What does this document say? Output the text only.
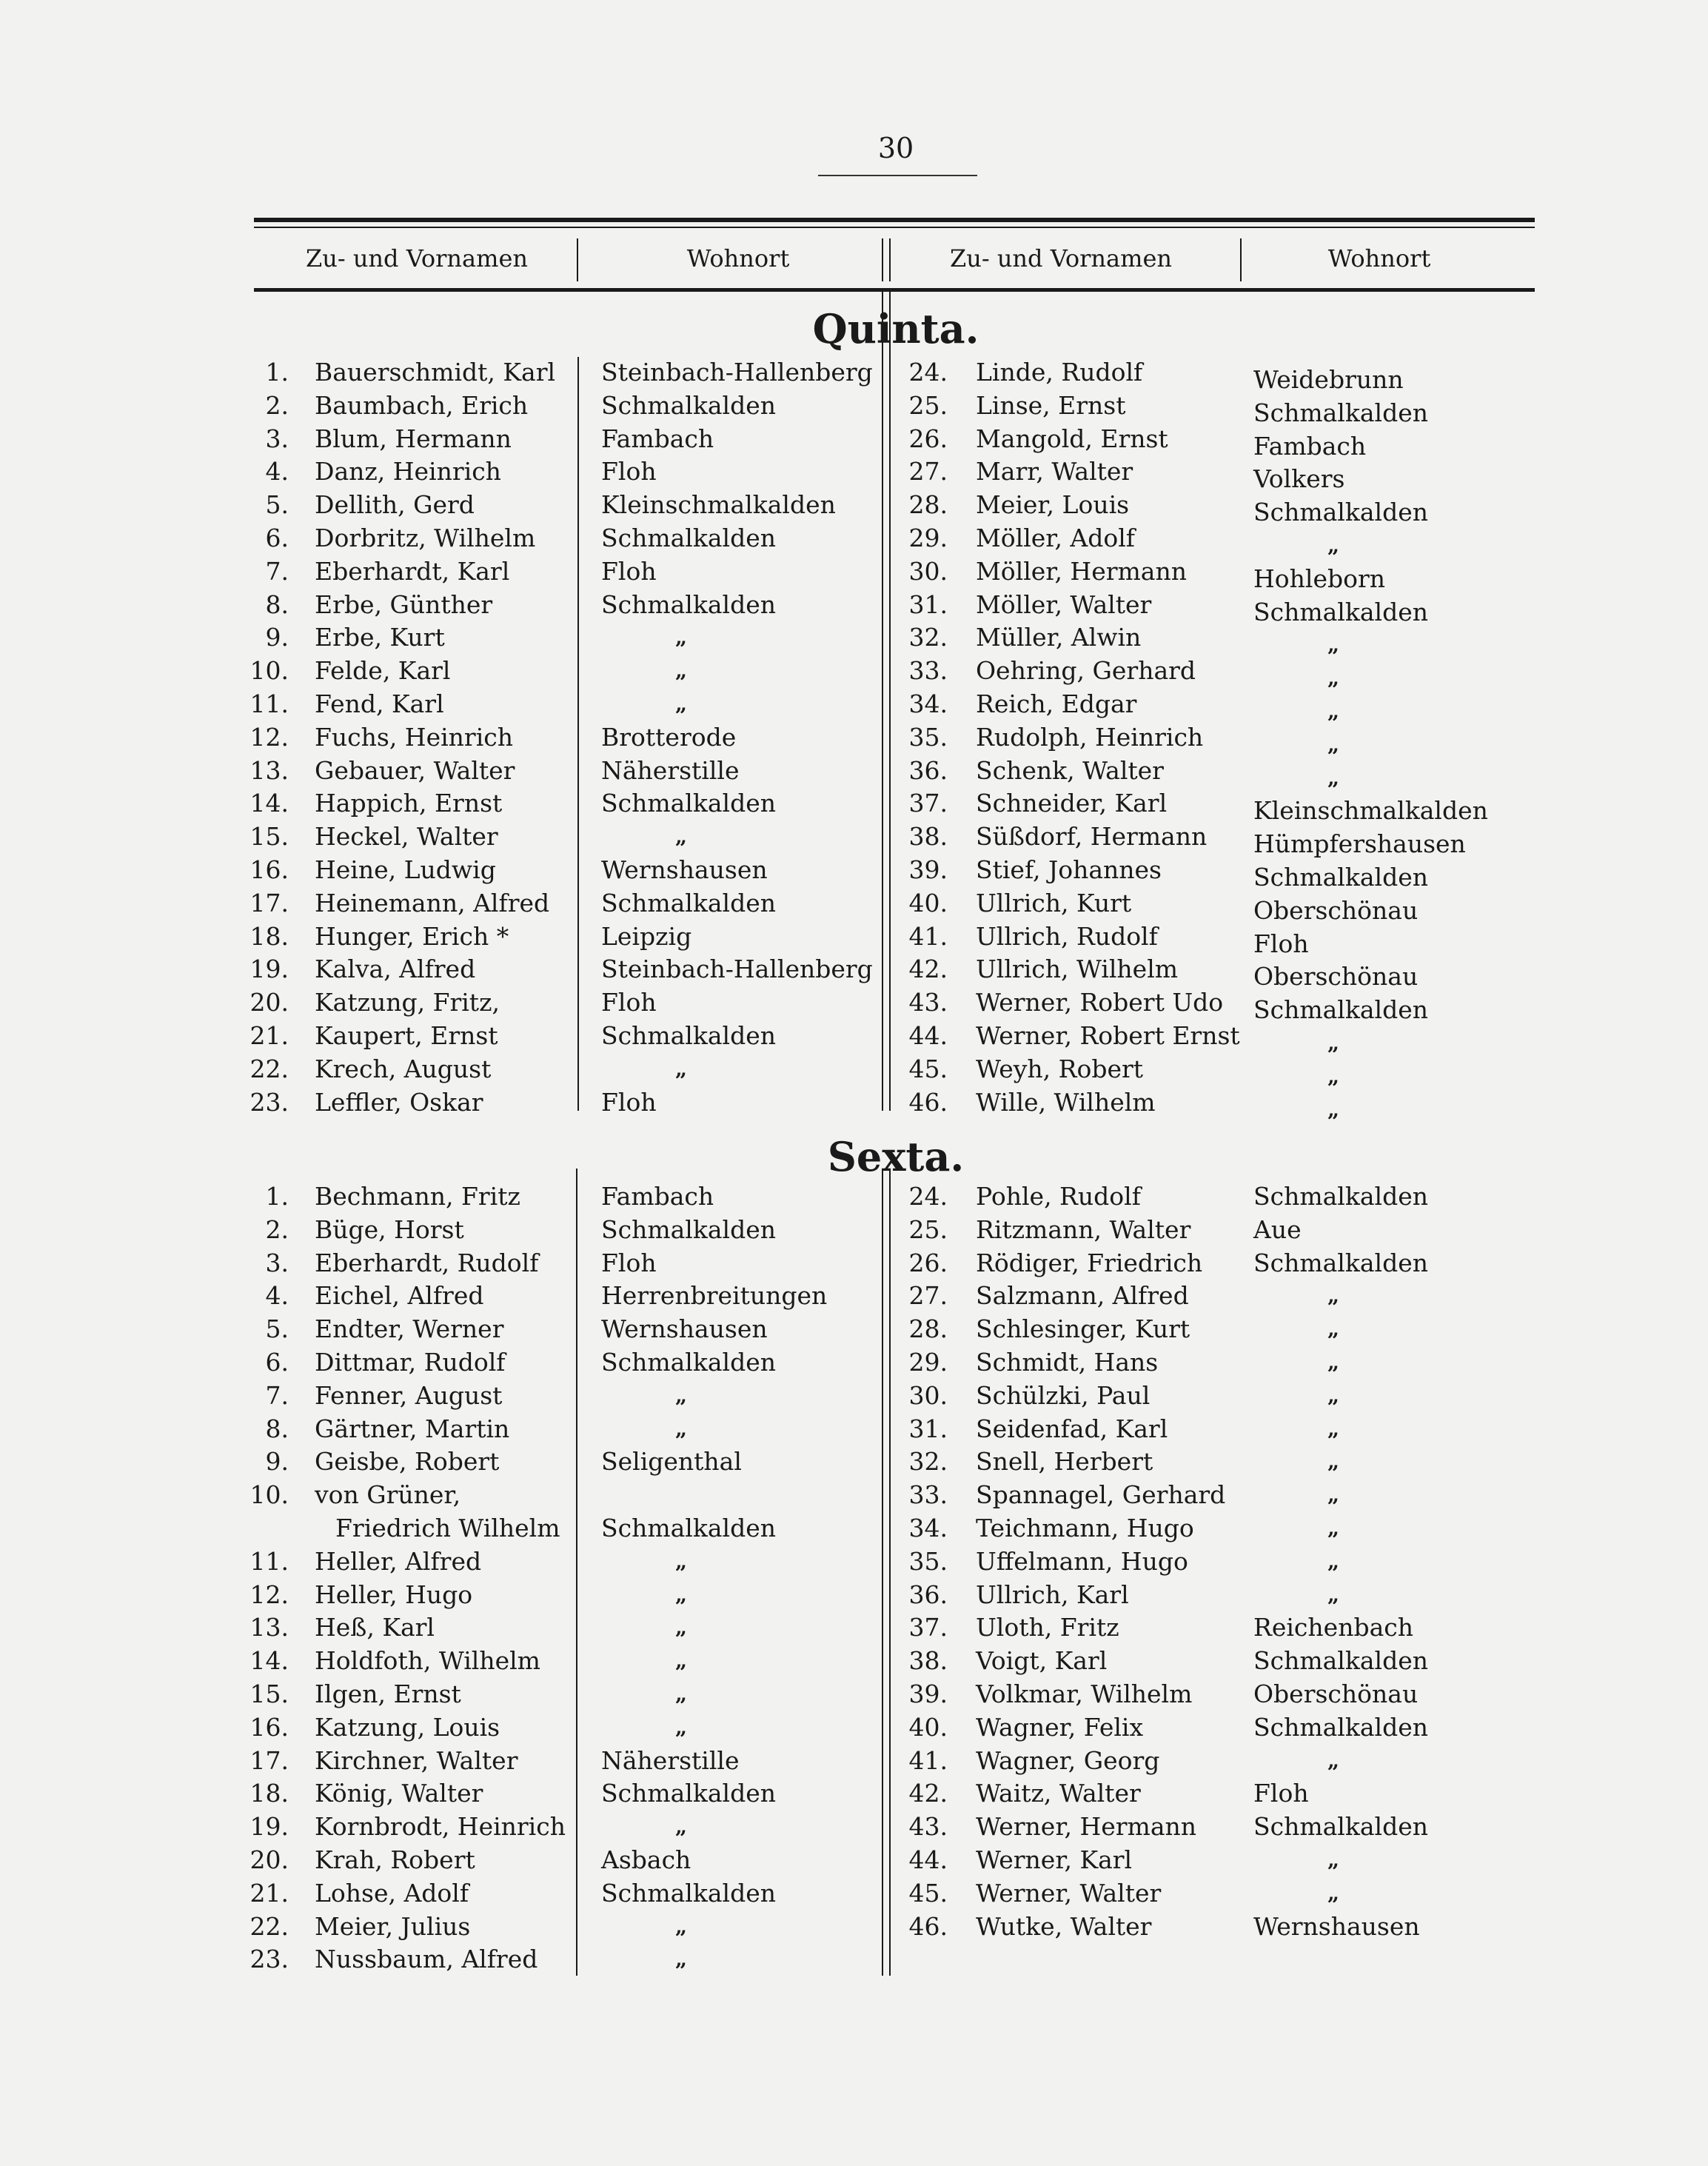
30
Zu- und Vornamen	Wohnort	Zu- und Vornamen	Wohnort
Quinta.
Sexta.
1. Bauerschmidt, Karl Steinbach-Hallenberg
2. Baumbach, Erich	Schmalkalden
3. Blum, Hermann	Fambach
4. Danz, Heinrich	Floh
5. Dellith, Gerd	Kleinschmalkalden
6. Dorbritz, Wilhelm	Schmalkalden
7. Eberhardt, Karl	Floh
8. Erbe, Günther	Schmalkalden
9. Erbe, Kurt	„
10. Felde, Karl	„
11. Fend, Karl	„
12. Fuchs, Heinrich	Brotterode
13. Gebauer, Walter	Näherstille
14. Happich, Ernst	Schmalkalden
15. Heckel, Walter	„
16. Heine, Ludwig	Wernshausen
17. Heinemann, Alfred Schmalkalden
18. Hunger, Erich *	Leipzig
19. Kalva, Alfred	Steinbach-Hallenberg
20. Katzung, Fritz,	Floh
21. Kaupert, Ernst	Schmalkalden
22. Krech, August	„
23. Leffler, Oskar	Floh
24. Linde, Rudolf	Weidebrunn
25. Linse, Ernst	Schmalkalden
26. Mangold, Ernst	Fambach
27. Marr, Walter	Volkers
28. Meier, Louis	Schmalkalden
29. Möller, Adolf	„
30. Möller, Hermann	Hohleborn
31. Möller, Walter	Schmalkalden
32. Müller, Alwin	„
33. Oehring, Gerhard	„
34. Reich, Edgar	„
35. Rudolph, Heinrich	„
36. Schenk, Walter	„
37. Schneider, Karl	Kleinschmalkalden
38. Süßdorf, Hermann Hümpfershausen
39. Stief, Johannes	Schmalkalden
40. Ullrich, Kurt	Oberschönau
41. Ullrich, Rudolf	Floh
42. Ullrich, Wilhelm	Oberschönau
43. Werner, Robert Udo Schmalkalden
44. Werner, Robert Ernst	„
45. Weyh, Robert	„
46. Wille, Wilhelm	„
1. Bechmann, Fritz	Fambach
2. Büge, Horst	Schmalkalden
3. Eberhardt, Rudolf	Floh
4. Eichel, Alfred	Herrenbreitungen
5. Endter, Werner	Wernshausen
6. Dittmar, Rudolf	Schmalkalden
7. Fenner, August	„
8. Gärtner, Martin	„
9. Geisbe, Robert	Seligenthal
10. von Grüner,
Friedrich Wilhelm Schmalkalden
11. Heller, Alfred	„
12. Heller, Hugo	„
13. Heß, Karl	„
14. Holdfoth, Wilhelm	„
15. Ilgen, Ernst	„
16. Katzung, Louis	„
17. Kirchner, Walter	Näherstille
18. König, Walter	Schmalkalden
19. Kornbrodt, Heinrich	„
20. Krah, Robert	Asbach
21. Lohse, Adolf	Schmalkalden
22. Meier, Julius	„
23. Nussbaum, Alfred	„
24. Pohle, Rudolf	Schmalkalden
25. Ritzmann, Walter	Aue
26. Rödiger, Friedrich Schmalkalden
27. Salzmann, Alfred	„
28. Schlesinger, Kurt	„
29. Schmidt, Hans	„
30. Schülzki, Paul	„
31. Seidenfad, Karl	„
32. Snell, Herbert	„
33. Spannagel, Gerhard	„
34. Teichmann, Hugo	„
35. Uffelmann, Hugo	„
36. Ullrich, Karl	„
37. Uloth, Fritz	Reichenbach
38. Voigt, Karl	Schmalkalden
39. Volkmar, Wilhelm	Oberschönau
40. Wagner, Felix	Schmalkalden
41. Wagner, Georg	„
42. Waitz, Walter	Floh
43. Werner, Hermann Schmalkalden
44. Werner, Karl	„
45. Werner, Walter	„
46. Wutke, Walter	Wernshausen
